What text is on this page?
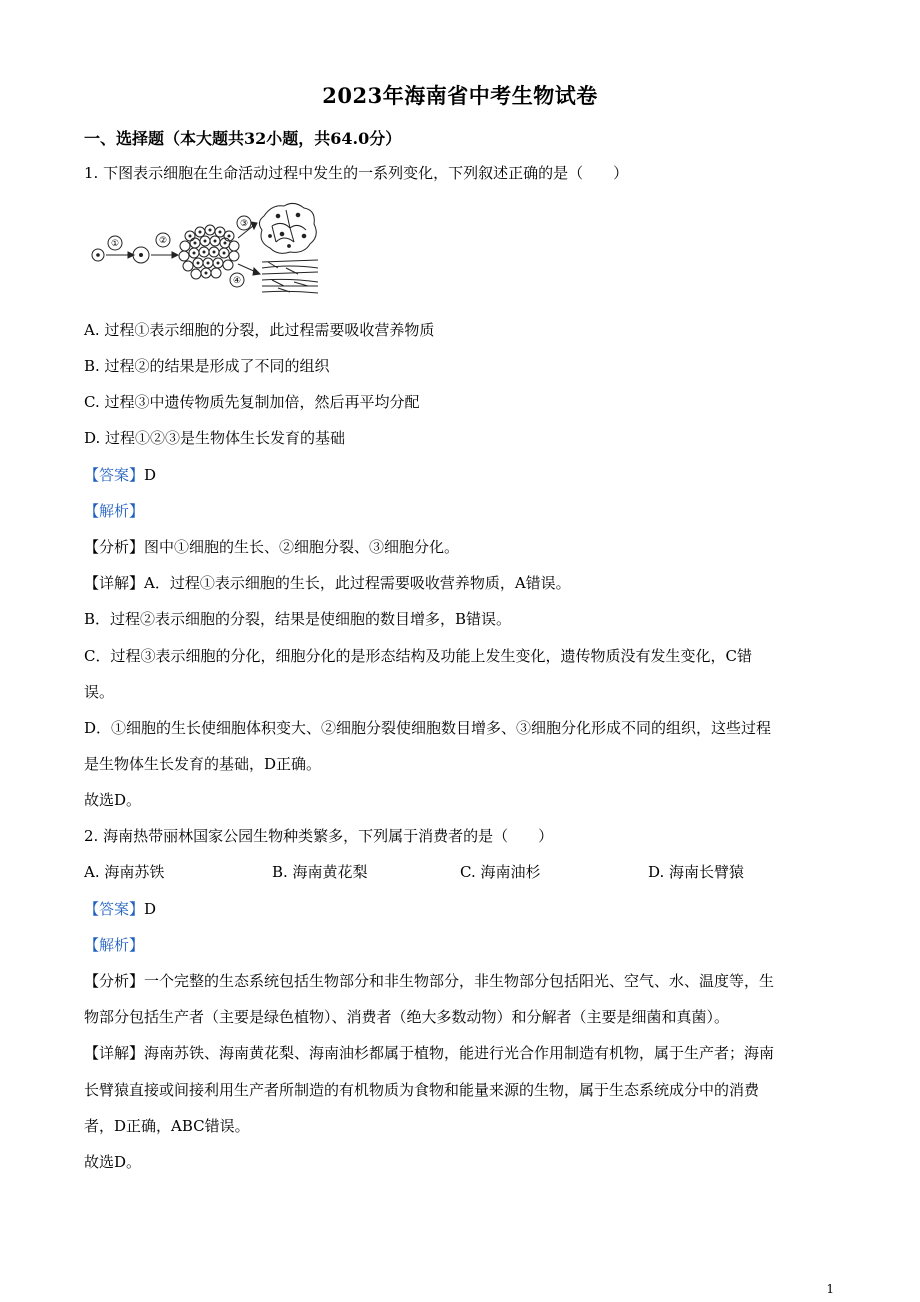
2023年海南省中考生物试卷
一、选择题（本大题共32小题，共64.0分）
1. 下图表示细胞在生命活动过程中发生的一系列变化，下列叙述正确的是（　　）
①	②
③
④
A. 过程①表示细胞的分裂，此过程需要吸收营养物质
B. 过程②的结果是形成了不同的组织
C. 过程③中遗传物质先复制加倍，然后再平均分配
D. 过程①②③是生物体生长发育的基础
【答案】D
【解析】
【分析】图中①细胞的生长、②细胞分裂、③细胞分化。
【详解】A．过程①表示细胞的生长，此过程需要吸收营养物质，A错误。
B．过程②表示细胞的分裂，结果是使细胞的数目增多，B错误。
C．过程③表示细胞的分化，细胞分化的是形态结构及功能上发生变化，遗传物质没有发生变化，C错
误。
D．①细胞的生长使细胞体积变大、②细胞分裂使细胞数目增多、③细胞分化形成不同的组织，这些过程
是生物体生长发育的基础，D正确。
故选D。
2. 海南热带丽林国家公园生物种类繁多，下列属于消费者的是（　　）
A. 海南苏铁	B. 海南黄花梨	C. 海南油杉	D. 海南长臂猿
【答案】D
【解析】
【分析】一个完整的生态系统包括生物部分和非生物部分，非生物部分包括阳光、空气、水、温度等，生
物部分包括生产者（主要是绿色植物）、消费者（绝大多数动物）和分解者（主要是细菌和真菌）。
【详解】海南苏铁、海南黄花梨、海南油杉都属于植物，能进行光合作用制造有机物，属于生产者；海南
长臂猿直接或间接利用生产者所制造的有机物质为食物和能量来源的生物，属于生态系统成分中的消费
者，D正确，ABC错误。
故选D。
1
